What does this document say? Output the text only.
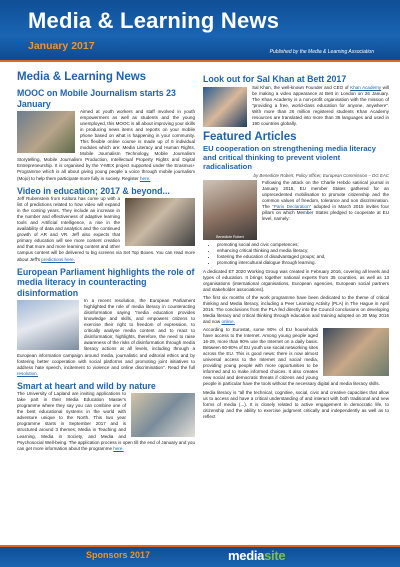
Media & Learning News
January 2017	Published by the Media & Learning Association
Media & Learning News
MOOC on Mobile Journalism starts 23 January

Aimed at youth workers and staff involved in youth empowerment as well as students and the young unemployed, this MOOC is all about improving your skills in producing news items and reports on your mobile phone based on what is happening in your community. This flexible online course is made up of 6 individual modules which are: Media Literacy and Human Rights, Mobile Journalism Technology, Mobile Journalism Storytelling, Mobile Journalism Production, Intellectual Property Rights and Digital Entrepreneurship. It is organised by the Y-MEX project supported under the Erasmus+ Programme which is all about giving young people a voice through mobile journalism (Mojo) to help them participate more fully in society. Register here.

Video in education; 2017 & beyond...

Jeff Rubenstein from Kaltura has come up with a list of predictions related to how video will expand in the coming years. They include an increase in the number and effectiveness of adaptive learning tools and Artificial Intelligence, a rise in the availability of data and analytics and the continued growth of AR and VR. Jeff also expects that primary education will see more content creation and that more and more learning content and other campus content will be delivered to big screens via Set Top Boxes. You can read more about Jeff's predictions here.

European Parliament highlights the role of media literacy in counteracting disinformation

In a recent resolution, the European Parliament highlighted the role of media literacy in counteracting disinformation saying "media education provides knowledge and skills, and empowers citizens to exercise their right to freedom of expression, to critically analyse media content and to react to disinformation; highlights, therefore, the need to raise awareness of the risks of disinformation through media literacy actions at all levels, including through a European information campaign around media, journalistic and editorial ethics and by fostering better cooperation with social platforms and promoting joint initiatives to address hate speech, incitement to violence and online discrimination". Read the full resolution.

Smart at heart and wild by nature

The University of Lapland are inviting applications to take part in their Media Education Master's programme where they say you can combine one of the best educational systems in the world with adventure unique to the North. This two year programme starts in September 2017 and is structured around 3 themes; Media in Teaching and Learning, Media in Society, and Media and Psychosocial Well-being. The application process is open till the end of January and you can get more information about the programme here.

Look out for Sal Khan at Bett 2017

Sal Khan, the well-known Founder and CEO of Khan Academy will be making a video appearance at Bett in London on 26 January. The Khan Academy is a non-profit organisation with the mission of "providing a free, world-class education for anyone, anywhere". With more than 26 million registered students Khan Academy resources are translated into more than 36 languages and used in 190 countries globally.

Featured Articles
EU cooperation on strengthening media literacy and critical thinking to prevent violent radicalisation
by Benedicte Robert, Policy officer, European Commission – DG EAC
Benedicte Robert

Following the attack on the Charlie Hebdo satirical journal in January 2015, EU member States gathered for an unprecedented mobilisation to promote citizenship and the common values of freedom, tolerance and non discrimination. The "Paris Declaration" adopted in March 2015 invites four pillars on which Member States pledged to cooperate at EU level, namely:

• promoting social and civic competences;
• enhancing critical thinking and media literacy;
• fostering the education of disadvantaged groups; and,
• promoting intercultural dialogue through learning.

A dedicated ET 2020 Working Group was created in February 2016, covering all levels and types of education. It brings together national experts from 35 countries, as well as 13 organisations (international organisations, European agencies, European social partners and stakeholder associations).

The first six months of the work programme have been dedicated to the theme of critical thinking and Media literacy, including a Peer Learning Activity (PLA) in The Hague in April 2016. The conclusions from the PLA fed directly into the Council conclusions on developing Media literacy and critical thinking through education and training adopted on 30 May 2016 and now online.

According to Eurostat, some 90% of EU households have access to the Internet. Among young people aged 16-29, more than 90% use the Internet on a daily basis. Between 60-90% of EU youth use social networking sites across the EU. This is good news: there is now almost universal access to the Internet and social media, providing young people with more opportunities to be informed and to make informed choices. It also creates new social and democratic threats if citizens and young people in particular have the tools without the necessary digital and media literacy skills.

Media literacy is "all the technical, cognitive, social, civic and creative capacities that allow us to access and have a critical understanding of and interact with both traditional and new forms of media (...). It is closely related to active engagement in democratic life, to citizenship and the ability to exercise judgment critically and independently as well as to reflect

Sponsors 2017	mediasite
